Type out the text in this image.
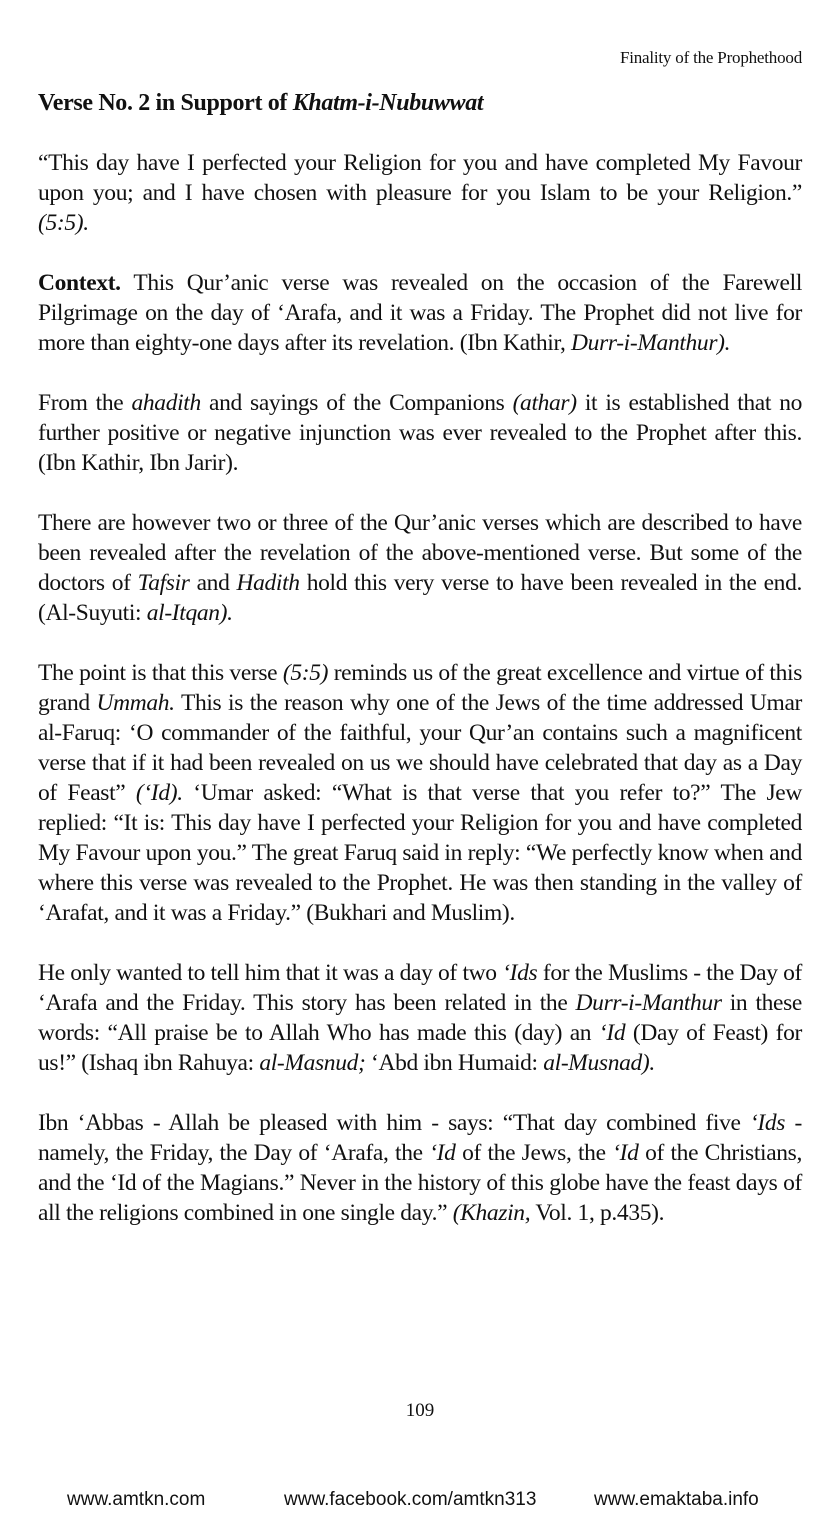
Finality of the Prophethood
Verse No. 2 in Support of Khatm-i-Nubuwwat

“This day have I perfected your Religion for you and have completed My Favour upon you; and I have chosen with pleasure for you Islam to be your Religion.” (5:5).

Context. This Qur’anic verse was revealed on the occasion of the Farewell Pilgrimage on the day of ‘Arafa, and it was a Friday. The Prophet did not live for more than eighty-one days after its revelation. (Ibn Kathir, Durr-i-Manthur).

From the ahadith and sayings of the Companions (athar) it is established that no further positive or negative injunction was ever revealed to the Prophet after this. (Ibn Kathir, Ibn Jarir).

There are however two or three of the Qur’anic verses which are described to have been revealed after the revelation of the above-mentioned verse. But some of the doctors of Tafsir and Hadith hold this very verse to have been revealed in the end. (Al-Suyuti: al-Itqan).

The point is that this verse (5:5) reminds us of the great excellence and virtue of this grand Ummah. This is the reason why one of the Jews of the time addressed Umar al-Faruq: ‘O commander of the faithful, your Qur’an contains such a magnificent verse that if it had been revealed on us we should have celebrated that day as a Day of Feast” (‘Id). ‘Umar asked: “What is that verse that you refer to?” The Jew replied: “It is: This day have I perfected your Religion for you and have completed My Favour upon you.” The great Faruq said in reply: “We perfectly know when and where this verse was revealed to the Prophet. He was then standing in the valley of ‘Arafat, and it was a Friday.” (Bukhari and Muslim).

He only wanted to tell him that it was a day of two ‘Ids for the Muslims - the Day of ‘Arafa and the Friday. This story has been related in the Durr-i-Manthur in these words: “All praise be to Allah Who has made this (day) an ‘Id (Day of Feast) for us!” (Ishaq ibn Rahuya: al-Masnud; ‘Abd ibn Humaid: al-Musnad).

Ibn ‘Abbas - Allah be pleased with him - says: “That day combined five ‘Ids - namely, the Friday, the Day of ‘Arafa, the ‘Id of the Jews, the ‘Id of the Christians, and the ‘Id of the Magians.” Never in the history of this globe have the feast days of all the religions combined in one single day.” (Khazin, Vol. 1, p.435).

109
www.amtkn.com	www.facebook.com/amtkn313	www.emaktaba.info
